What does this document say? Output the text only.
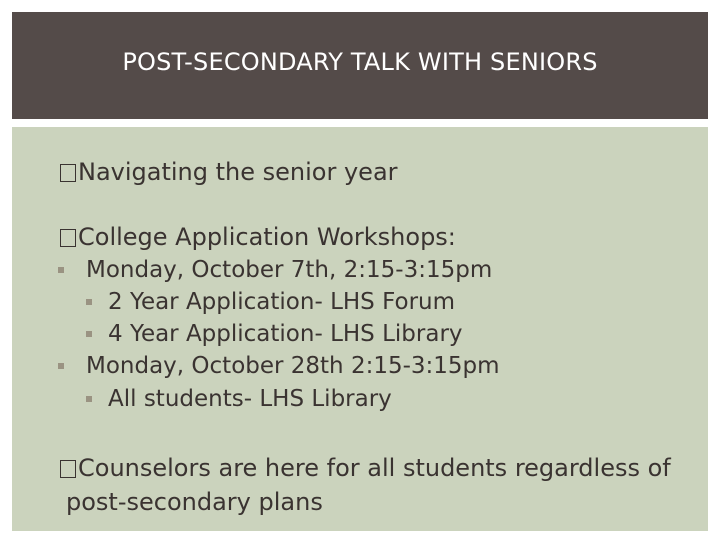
POST-SECONDARY TALK WITH SENIORS
Navigating the senior year
College Application Workshops:
Monday, October 7th, 2:15-3:15pm
2 Year Application- LHS Forum
4 Year Application- LHS Library
Monday, October 28th 2:15-3:15pm
All students- LHS Library
Counselors are here for all students regardless of
post-secondary plans
